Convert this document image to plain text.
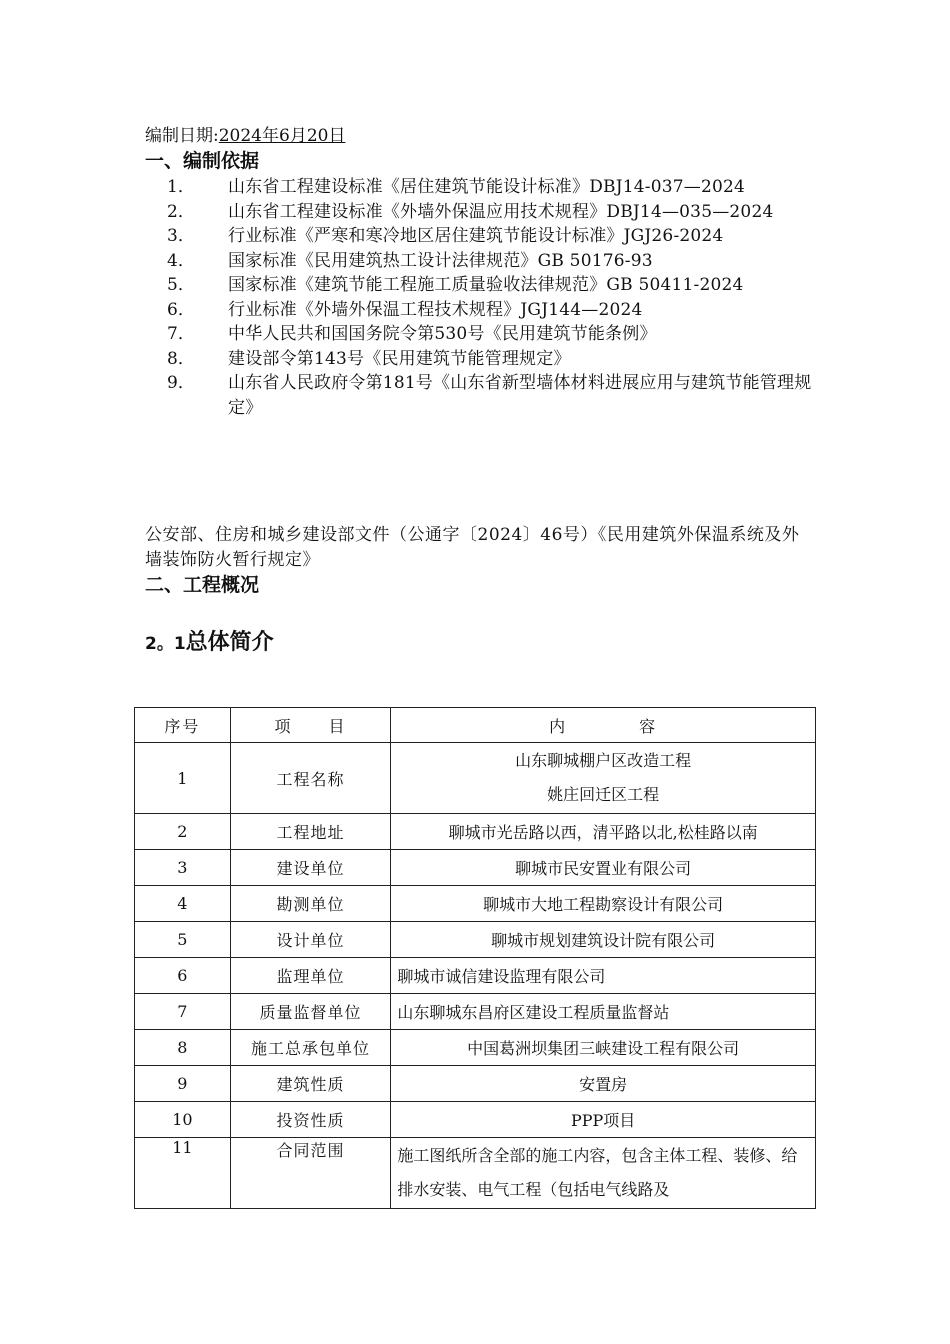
编制日期:2024年6月20日
一、编制依据
1．	山东省工程建设标准《居住建筑节能设计标准》DBJ14-037—2024
2．	山东省工程建设标准《外墙外保温应用技术规程》DBJ14—035—2024
3．	行业标准《严寒和寒冷地区居住建筑节能设计标准》JGJ26-2024
4．	国家标准《民用建筑热工设计法律规范》GB 50176-93
5．	国家标准《建筑节能工程施工质量验收法律规范》GB 50411-2024
6．	行业标准《外墙外保温工程技术规程》JGJ144—2024
7．	中华人民共和国国务院令第530号《民用建筑节能条例》
8．	建设部令第143号《民用建筑节能管理规定》
9．	山东省人民政府令第181号《山东省新型墙体材料进展应用与建筑节能管理规定》
公安部、住房和城乡建设部文件（公通字〔2024〕46号）《民用建筑外保温系统及外墙装饰防火暂行规定》
二、工程概况
2。1总体简介
序号	项　　目	内　　　　容
1	工程名称	山东聊城棚户区改造工程
姚庄回迁区工程

2	工程地址	聊城市光岳路以西，清平路以北,松桂路以南
3	建设单位	聊城市民安置业有限公司
4	勘测单位	聊城市大地工程勘察设计有限公司
5	设计单位	聊城市规划建筑设计院有限公司
6	监理单位	聊城市诚信建设监理有限公司
7	质量监督单位	山东聊城东昌府区建设工程质量监督站
8	施工总承包单位	中国葛洲坝集团三峡建设工程有限公司
9	建筑性质	安置房
10	投资性质	PPP项目
11	合同范围	施工图纸所含全部的施工内容，包含主体工程、装修、给排水安装、电气工程（包括电气线路及
